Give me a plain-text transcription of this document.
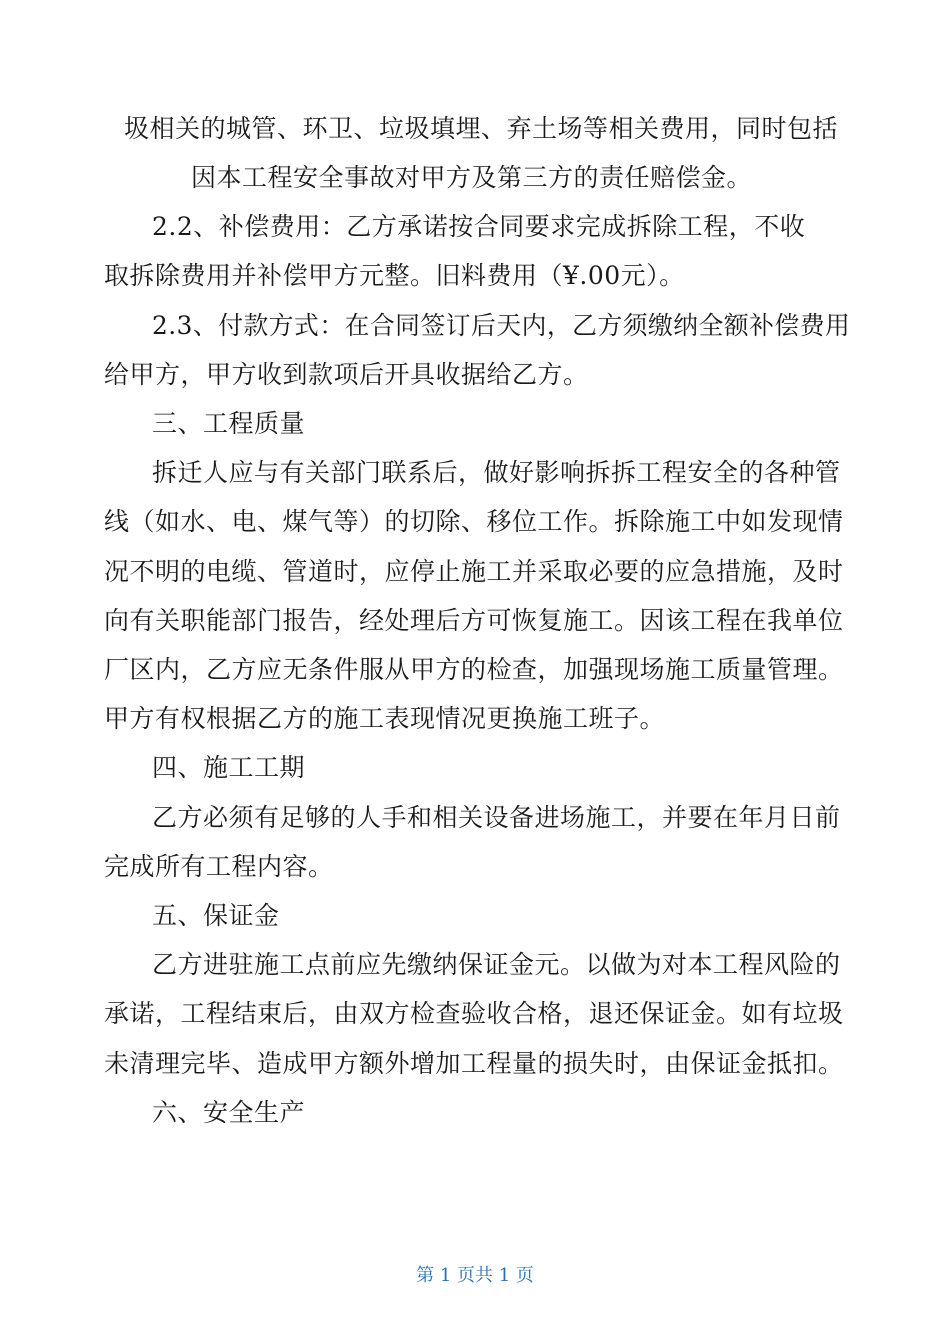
圾相关的城管、环卫、垃圾填埋、弃土场等相关费用，同时包括
因本工程安全事故对甲方及第三方的责任赔偿金。
2.2、补偿费用：乙方承诺按合同要求完成拆除工程，不收
取拆除费用并补偿甲方元整。旧料费用（¥.00元）。
2.3、付款方式：在合同签订后天内，乙方须缴纳全额补偿费用
给甲方，甲方收到款项后开具收据给乙方。
三、工程质量
拆迁人应与有关部门联系后，做好影响拆拆工程安全的各种管
线（如水、电、煤气等）的切除、移位工作。拆除施工中如发现情
况不明的电缆、管道时，应停止施工并采取必要的应急措施，及时
向有关职能部门报告，经处理后方可恢复施工。因该工程在我单位
厂区内，乙方应无条件服从甲方的检查，加强现场施工质量管理。
甲方有权根据乙方的施工表现情况更换施工班子。
四、施工工期
乙方必须有足够的人手和相关设备进场施工，并要在年月日前
完成所有工程内容。
五、保证金
乙方进驻施工点前应先缴纳保证金元。以做为对本工程风险的
承诺，工程结束后，由双方检查验收合格，退还保证金。如有垃圾
未清理完毕、造成甲方额外增加工程量的损失时，由保证金抵扣。
六、安全生产
第 1 页共 1 页
